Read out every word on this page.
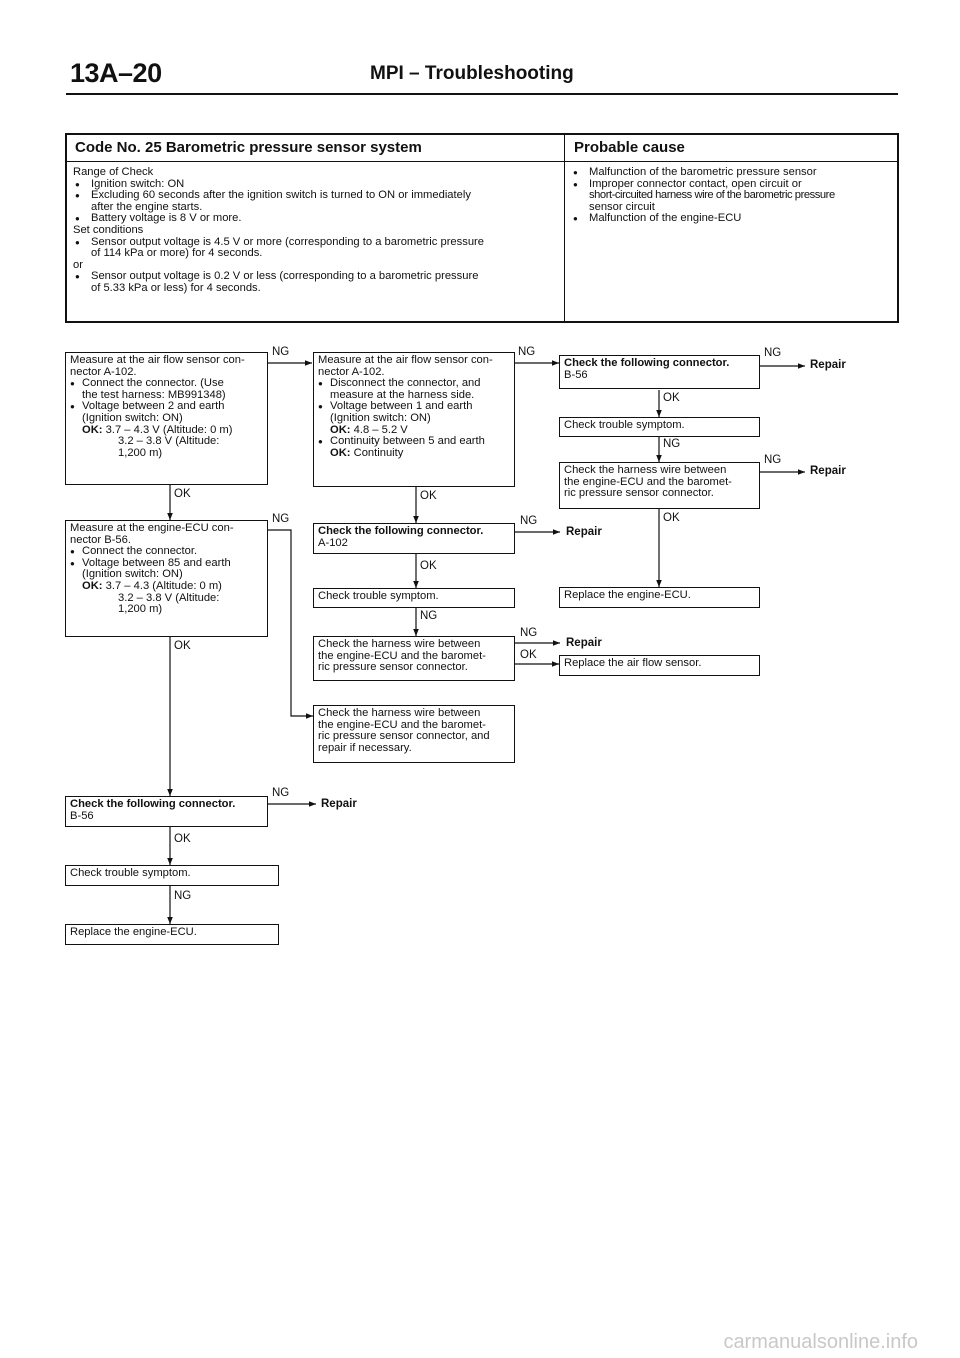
13A–20	MPI – Troubleshooting
Code No. 25 Barometric pressure sensor system	Probable cause
Range of Check
● Ignition switch: ON
● Excluding 60 seconds after the ignition switch is turned to ON or immediately
after the engine starts.
● Battery voltage is 8 V or more.
Set conditions
● Sensor output voltage is 4.5 V or more (corresponding to a barometric pressure
of 114 kPa or more) for 4 seconds.
or
● Sensor output voltage is 0.2 V or less (corresponding to a barometric pressure
of 5.33 kPa or less) for 4 seconds.
● Malfunction of the barometric pressure sensor
● Improper connector contact, open circuit or
short-circuited harness wire of the barometric pressure
sensor circuit
● Malfunction of the engine-ECU
Measure at the air flow sensor con-
nector A-102.
● Connect the connector. (Use
the test harness: MB991348)
● Voltage between 2 and earth
(Ignition switch: ON)
OK: 3.7 – 4.3 V (Altitude: 0 m)
3.2 – 3.8 V (Altitude:
1,200 m)
NG
OK
Measure at the engine-ECU con-
nector B-56.
● Connect the connector.
● Voltage between 85 and earth
(Ignition switch: ON)
OK: 3.7 – 4.3 (Altitude: 0 m)
3.2 – 3.8 V (Altitude:
1,200 m)
NG
OK
Check the following connector.
B-56
NG
Repair
OK
Check trouble symptom.
NG
Replace the engine-ECU.
Measure at the air flow sensor con-
nector A-102.
● Disconnect the connector, and
measure at the harness side.
● Voltage between 1 and earth
(Ignition switch: ON)
OK: 4.8 – 5.2 V
● Continuity between 5 and earth
OK: Continuity
NG
OK
Check the following connector.
A-102
NG
Repair
OK
Check trouble symptom.
NG
Check the harness wire between
the engine-ECU and the baromet-
ric pressure sensor connector.
NG
Repair
OK
Check the harness wire between
the engine-ECU and the baromet-
ric pressure sensor connector, and
repair if necessary.
Check the following connector.
B-56
NG
Repair
OK
Check trouble symptom.
NG
Check the harness wire between
the engine-ECU and the baromet-
ric pressure sensor connector.
NG
Repair
OK
Replace the engine-ECU.
Replace the air flow sensor.
carmanualsonline.info
